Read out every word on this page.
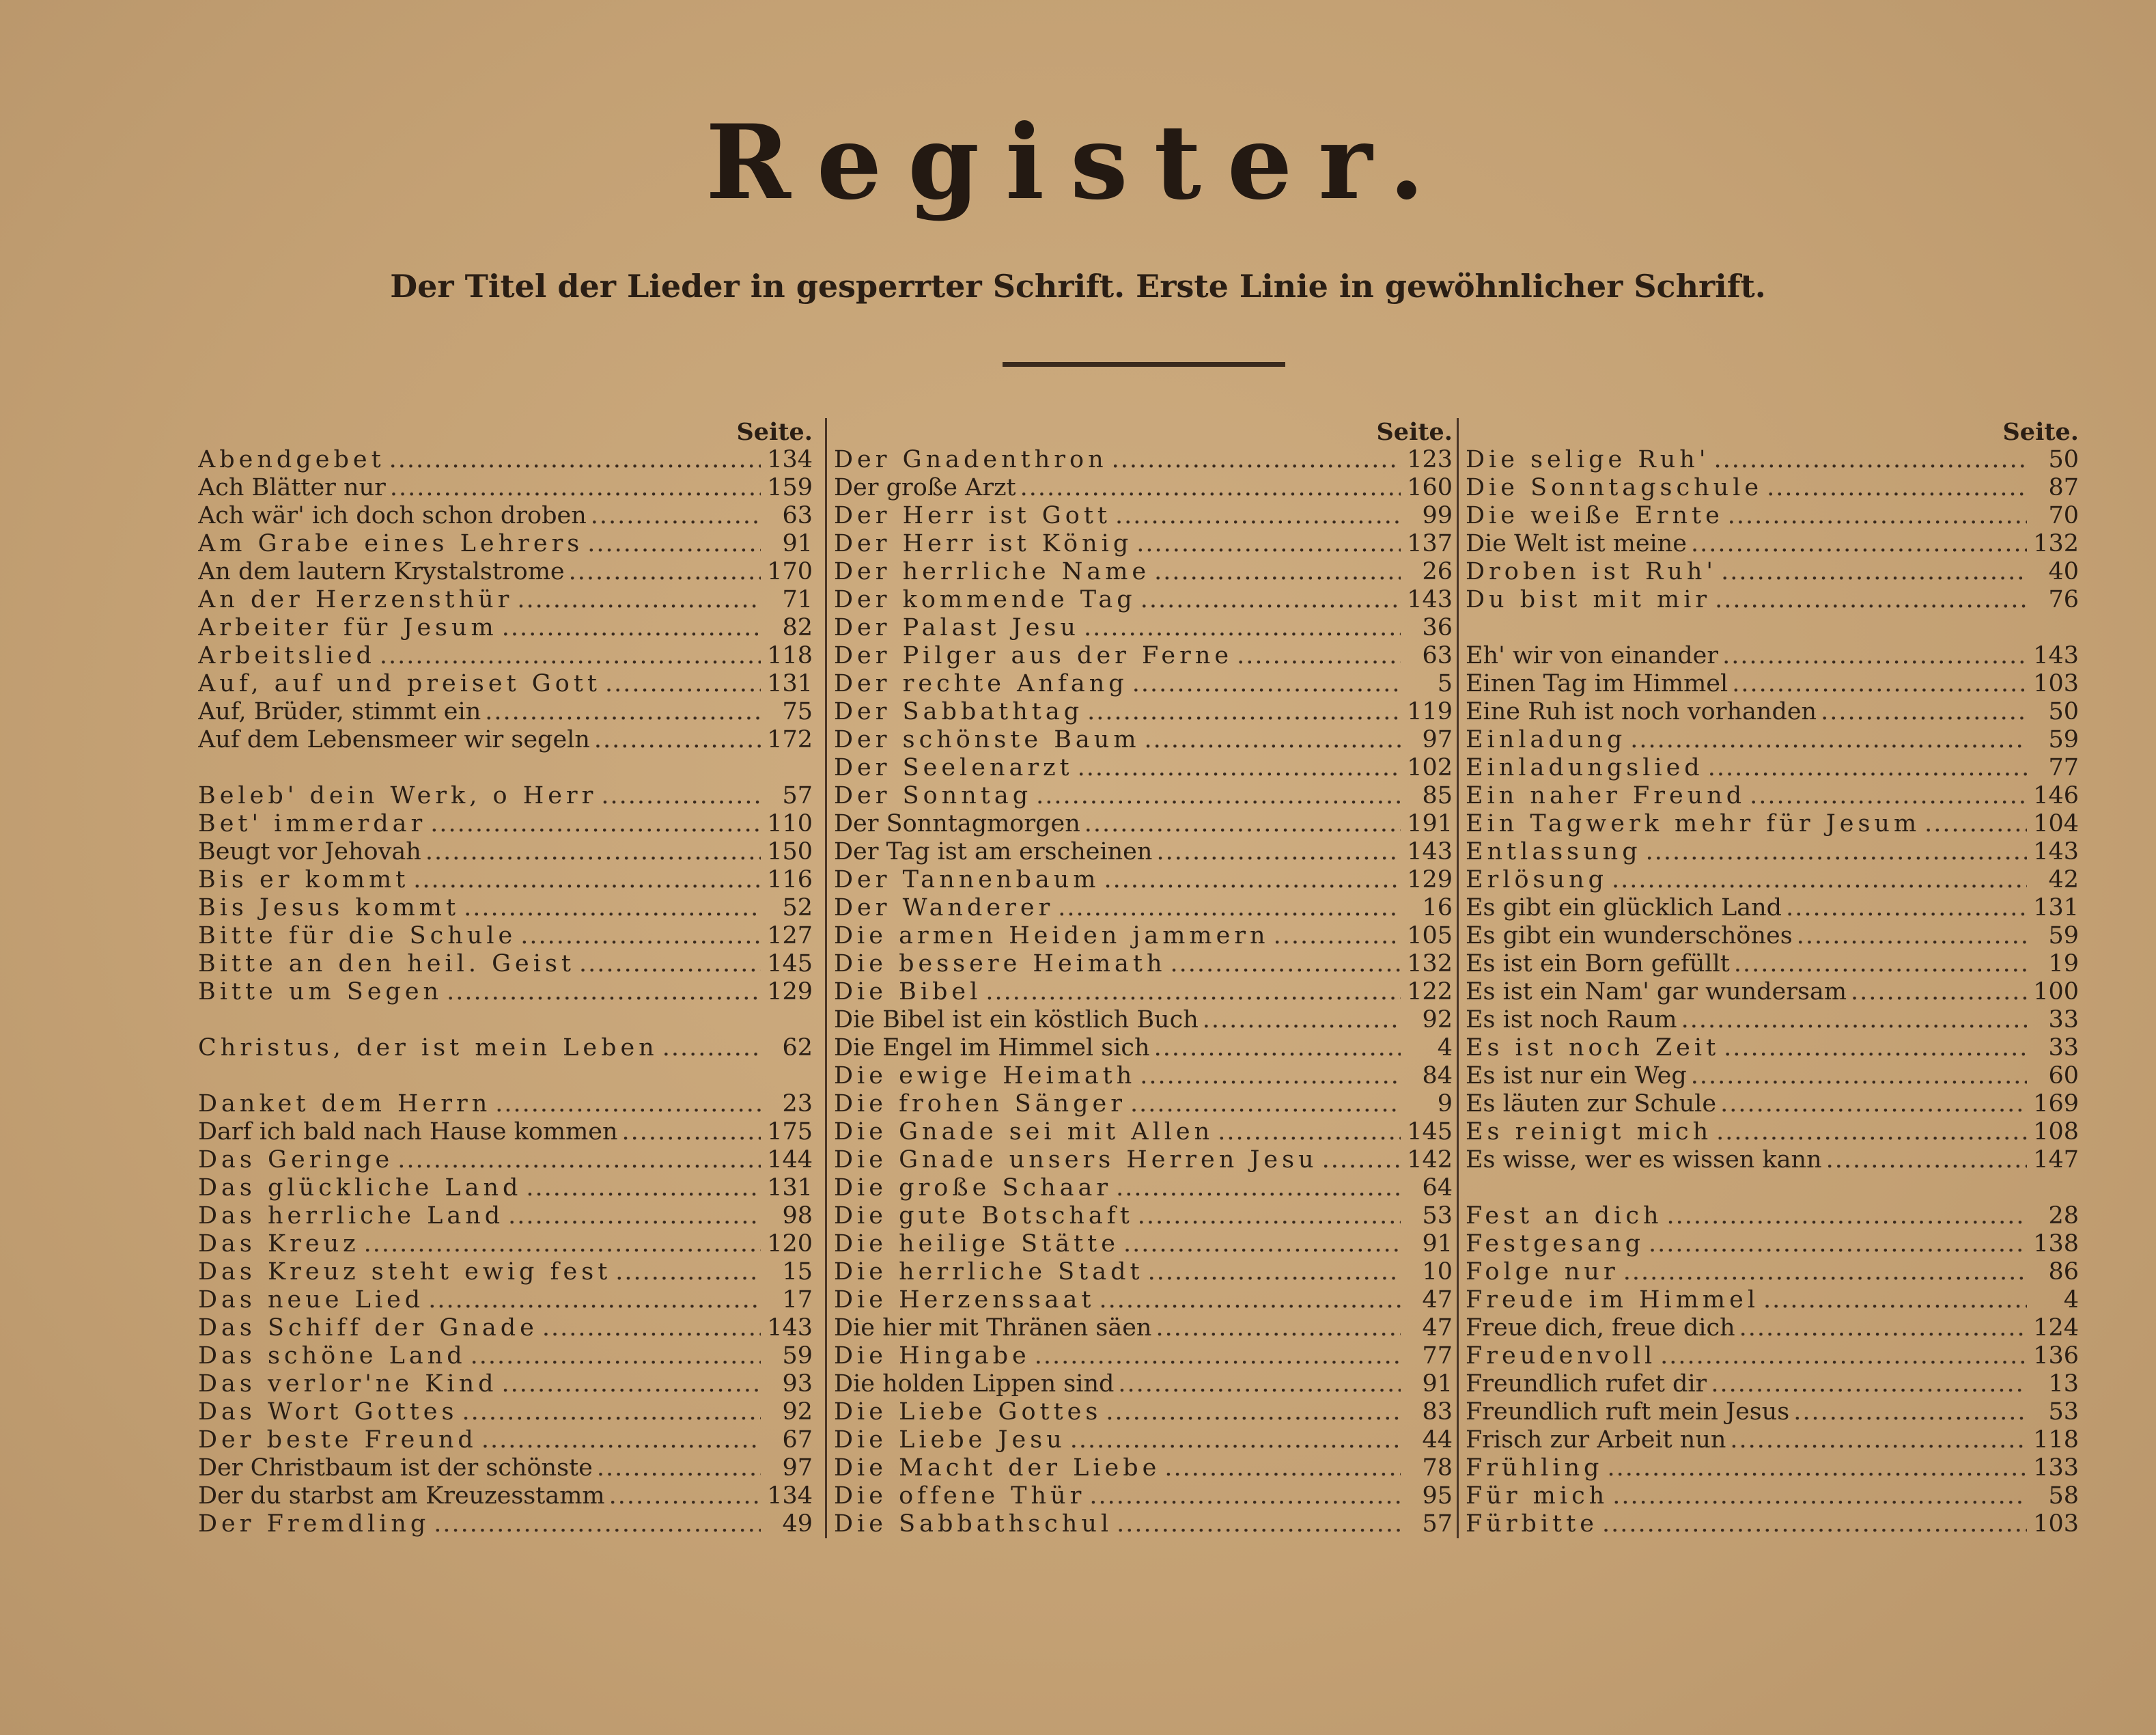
Register.
Der Titel der Lieder in gesperrter Schrift. Erste Linie in gewöhnlicher Schrift.
Seite.
Abendgebet .....	134
Ach Blätter nur .....	159
Ach wär' ich doch schon droben .....	63
Am Grabe eines Lehrers .....	91
An dem lautern Krystalstrome .....	170
An der Herzensthür .....	71
Arbeiter für Jesum .....	82
Arbeitslied .....	118
Auf, auf und preiset Gott .....	131
Auf, Brüder, stimmt ein .....	75
Auf dem Lebensmeer wir segeln .....	172
Beleb' dein Werk, o Herr .....	57
Bet' immerdar .....	110
Beugt vor Jehovah .....	150
Bis er kommt .....	116
Bis Jesus kommt .....	52
Bitte für die Schule .....	127
Bitte an den heil. Geist .....	145
Bitte um Segen .....	129
Christus, der ist mein Leben .....	62
Danket dem Herrn .....	23
Darf ich bald nach Hause kommen .....	175
Das Geringe .....	144
Das glückliche Land .....	131
Das herrliche Land .....	98
Das Kreuz .....	120
Das Kreuz steht ewig fest .....	15
Das neue Lied .....	17
Das Schiff der Gnade .....	143
Das schöne Land .....	59
Das verlor'ne Kind .....	93
Das Wort Gottes .....	92
Der beste Freund .....	67
Der Christbaum ist der schönste .....	97
Der du starbst am Kreuzesstamm .....	134
Der Fremdling .....	49
Seite.
Der Gnadenthron .....	123
Der große Arzt .....	160
Der Herr ist Gott .....	99
Der Herr ist König .....	137
Der herrliche Name .....	26
Der kommende Tag .....	143
Der Palast Jesu .....	36
Der Pilger aus der Ferne .....	63
Der rechte Anfang .....	5
Der Sabbathtag .....	119
Der schönste Baum .....	97
Der Seelenarzt .....	102
Der Sonntag .....	85
Der Sonntagmorgen .....	191
Der Tag ist am erscheinen .....	143
Der Tannenbaum .....	129
Der Wanderer .....	16
Die armen Heiden jammern .....	105
Die bessere Heimath .....	132
Die Bibel .....	122
Die Bibel ist ein köstlich Buch .....	92
Die Engel im Himmel sich .....	4
Die ewige Heimath .....	84
Die frohen Sänger .....	9
Die Gnade sei mit Allen .....	145
Die Gnade unsers Herren Jesu .....	142
Die große Schaar .....	64
Die gute Botschaft .....	53
Die heilige Stätte .....	91
Die herrliche Stadt .....	10
Die Herzenssaat .....	47
Die hier mit Thränen säen .....	47
Die Hingabe .....	77
Die holden Lippen sind .....	91
Die Liebe Gottes .....	83
Die Liebe Jesu .....	44
Die Macht der Liebe .....	78
Die offene Thür .....	95
Die Sabbathschul .....	57
Seite.
Die selige Ruh' .....	50
Die Sonntagschule .....	87
Die weiße Ernte .....	70
Die Welt ist meine .....	132
Droben ist Ruh' .....	40
Du bist mit mir .....	76
Eh' wir von einander .....	143
Einen Tag im Himmel .....	103
Eine Ruh ist noch vorhanden .....	50
Einladung .....	59
Einladungslied .....	77
Ein naher Freund .....	146
Ein Tagwerk mehr für Jesum .....	104
Entlassung .....	143
Erlösung .....	42
Es gibt ein glücklich Land .....	131
Es gibt ein wunderschönes .....	59
Es ist ein Born gefüllt .....	19
Es ist ein Nam' gar wundersam .....	100
Es ist noch Raum .....	33
Es ist noch Zeit .....	33
Es ist nur ein Weg .....	60
Es läuten zur Schule .....	169
Es reinigt mich .....	108
Es wisse, wer es wissen kann .....	147
Fest an dich .....	28
Festgesang .....	138
Folge nur .....	86
Freude im Himmel .....	4
Freue dich, freue dich .....	124
Freudenvoll .....	136
Freundlich rufet dir .....	13
Freundlich ruft mein Jesus .....	53
Frisch zur Arbeit nun .....	118
Frühling .....	133
Für mich .....	58
Fürbitte .....	103
